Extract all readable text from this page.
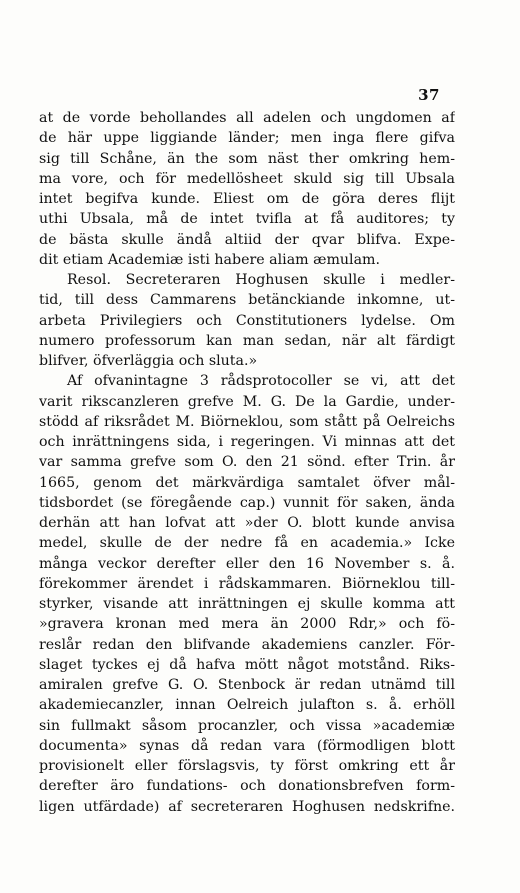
37
at de vorde behollandes all adelen och ungdomen af
de här uppe liggiande länder; men inga flere gifva
sig till Schåne, än the som näst ther omkring hem-
ma vore, och för medellösheet skuld sig till Ubsala
intet begifva kunde. Eliest om de göra deres flijt
uthi Ubsala, må de intet tvifla at få auditores; ty
de bästa skulle ändå altiid der qvar blifva. Expe-
dit etiam Academiæ isti habere aliam æmulam.
Resol. Secreteraren Hoghusen skulle i medler-
tid, till dess Cammarens betänckiande inkomne, ut-
arbeta Privilegiers och Constitutioners lydelse. Om
numero professorum kan man sedan, när alt färdigt
blifver, öfverläggia och sluta.»
Af ofvanintagne 3 rådsprotocoller se vi, att det
varit rikscanzleren grefve M. G. De la Gardie, under-
stödd af riksrådet M. Biörneklou, som stått på Oelreichs
och inrättningens sida, i regeringen. Vi minnas att det
var samma grefve som O. den 21 sönd. efter Trin. år
1665, genom det märkvärdiga samtalet öfver mål-
tidsbordet (se föregående cap.) vunnit för saken, ända
derhän att han lofvat att »der O. blott kunde anvisa
medel, skulle de der nedre få en academia.» Icke
många veckor derefter eller den 16 November s. å.
förekommer ärendet i rådskammaren. Biörneklou till-
styrker, visande att inrättningen ej skulle komma att
»gravera kronan med mera än 2000 Rdr,» och fö-
reslår redan den blifvande akademiens canzler. För-
slaget tyckes ej då hafva mött något motstånd. Riks-
amiralen grefve G. O. Stenbock är redan utnämd till
akademiecanzler, innan Oelreich julafton s. å. erhöll
sin fullmakt såsom procanzler, och vissa »academiæ
documenta» synas då redan vara (förmodligen blott
provisionelt eller förslagsvis, ty först omkring ett år
derefter äro fundations- och donationsbrefven form-
ligen utfärdade) af secreteraren Hoghusen nedskrifne.
